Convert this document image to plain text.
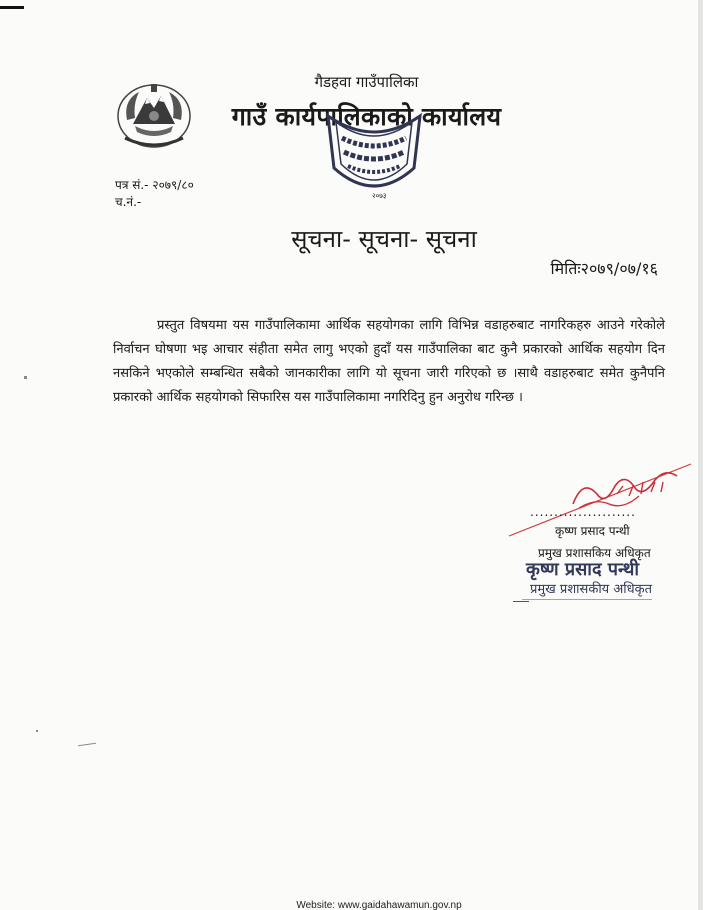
गैडहवा गाउँपालिका
गाउँ कार्यपालिकाको कार्यालय
२०७३
पत्र सं.- २०७९/८०
च.नं.-
सूचना- सूचना- सूचना
मितिः२०७९/०७/१६
प्रस्तुत विषयमा यस गाउँपालिकामा आर्थिक सहयोगका लागि विभिन्न वडाहरुबाट नागरिकहरु आउने गरेकोले निर्वाचन घोषणा भइ आचार संहीता समेत लागु भएको हुदाँ यस गाउँपालिका बाट कुनै प्रकारको आर्थिक सहयोग दिन नसकिने भएकोले सम्बन्धित सबैको जानकारीका लागि यो सूचना जारी गरिएको छ ।साथै वडाहरुबाट समेत कुनैपनि प्रकारको आर्थिक सहयोगको सिफारिस यस गाउँपालिकामा नगरिदिनु हुन अनुरोध गरिन्छ ।
......................
कृष्ण प्रसाद पन्थी
प्रमुख प्रशासकिय अधिकृत
कृष्ण प्रसाद पन्थी
प्रमुख प्रशासकीय अधिकृत
Website: www.gaidahawamun.gov.np
